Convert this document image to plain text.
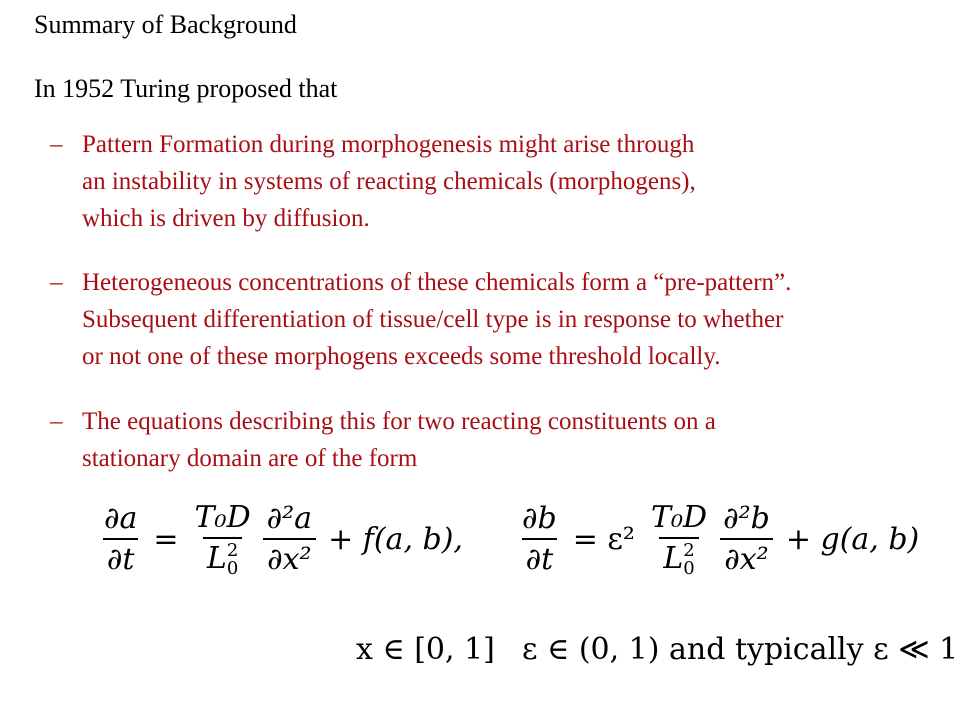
Summary of Background
In 1952 Turing proposed that
– Pattern Formation during morphogenesis might arise through
an instability in systems of reacting chemicals (morphogens),
which is driven by diffusion.
– Heterogeneous concentrations of these chemicals form a “pre-pattern”.
Subsequent differentiation of tissue/cell type is in response to whether
or not one of these morphogens exceeds some threshold locally.
– The equations describing this for two reacting constituents on a
stationary domain are of the form
$\frac{\partial a}{\partial t} = T_0D$
L 2
$0 \frac{\text{∂²a}}{\text{∂x²}} + f(a$, b), $\frac{\partial b}{\partial t} = \varepsilon^2$ T₀D
L 2
$0 \frac{\text{∂²b}}{\text{∂x²}} + g(a$, b)
x ∈ [0, 1] ε ∈ (0, 1) and typically ε ≪ 1
